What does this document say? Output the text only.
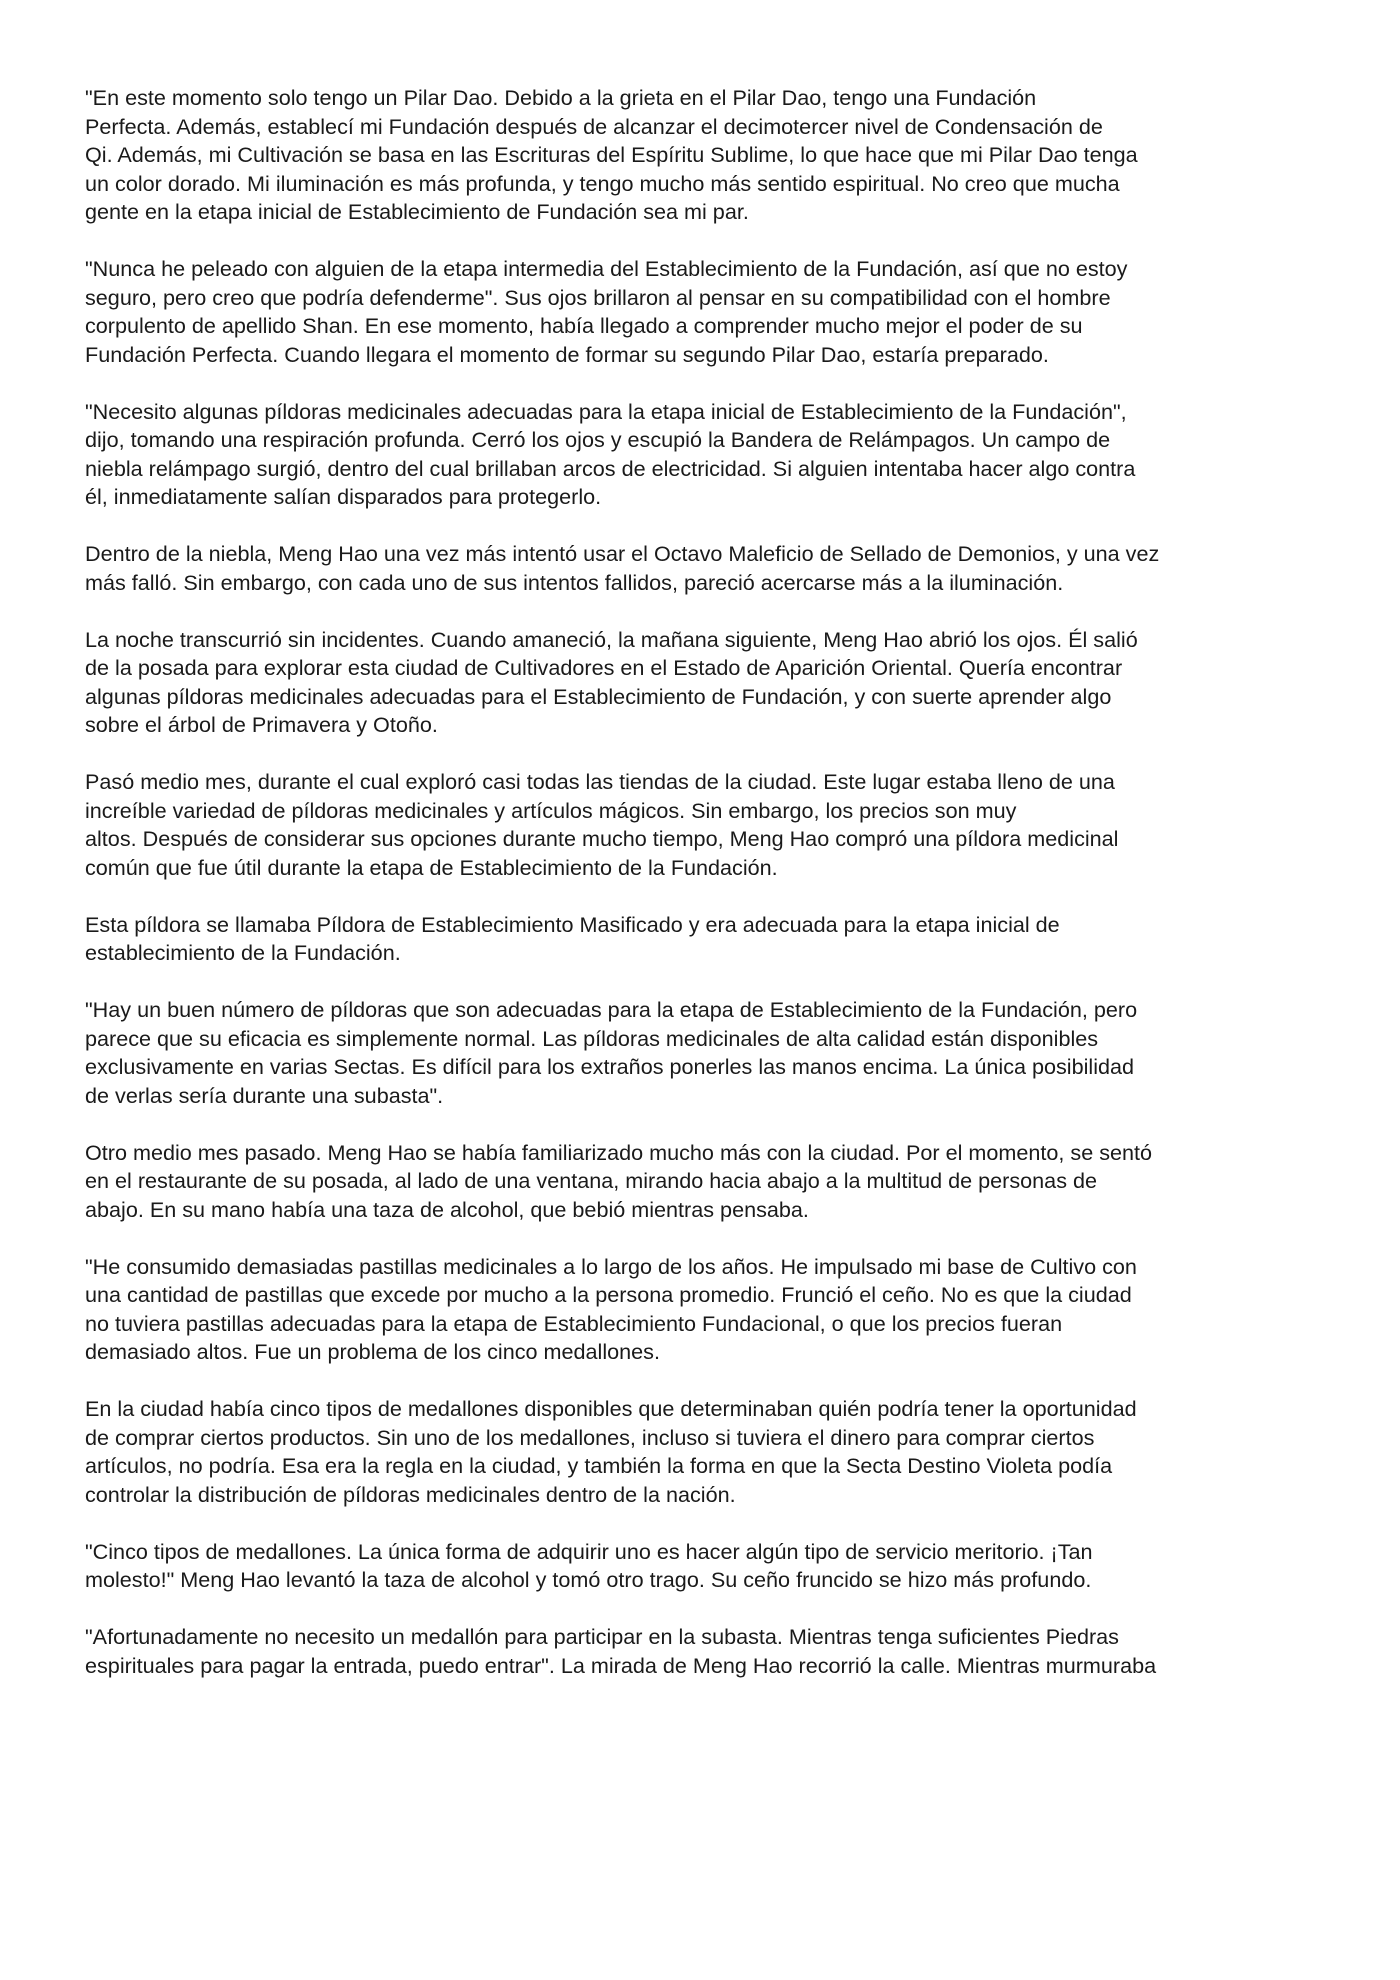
"En este momento solo tengo un Pilar Dao. Debido a la grieta en el Pilar Dao, tengo una Fundación
Perfecta. Además, establecí mi Fundación después de alcanzar el decimotercer nivel de Condensación de
Qi. Además, mi Cultivación se basa en las Escrituras del Espíritu Sublime, lo que hace que mi Pilar Dao tenga
un color dorado. Mi iluminación es más profunda, y tengo mucho más sentido espiritual. No creo que mucha
gente en la etapa inicial de Establecimiento de Fundación sea mi par.

"Nunca he peleado con alguien de la etapa intermedia del Establecimiento de la Fundación, así que no estoy
seguro, pero creo que podría defenderme". Sus ojos brillaron al pensar en su compatibilidad con el hombre
corpulento de apellido Shan. En ese momento, había llegado a comprender mucho mejor el poder de su
Fundación Perfecta. Cuando llegara el momento de formar su segundo Pilar Dao, estaría preparado.

"Necesito algunas píldoras medicinales adecuadas para la etapa inicial de Establecimiento de la Fundación",
dijo, tomando una respiración profunda. Cerró los ojos y escupió la Bandera de Relámpagos. Un campo de
niebla relámpago surgió, dentro del cual brillaban arcos de electricidad. Si alguien intentaba hacer algo contra
él, inmediatamente salían disparados para protegerlo.

Dentro de la niebla, Meng Hao una vez más intentó usar el Octavo Maleficio de Sellado de Demonios, y una vez
más falló. Sin embargo, con cada uno de sus intentos fallidos, pareció acercarse más a la iluminación.

La noche transcurrió sin incidentes. Cuando amaneció, la mañana siguiente, Meng Hao abrió los ojos. Él salió
de la posada para explorar esta ciudad de Cultivadores en el Estado de Aparición Oriental. Quería encontrar
algunas píldoras medicinales adecuadas para el Establecimiento de Fundación, y con suerte aprender algo
sobre el árbol de Primavera y Otoño.

Pasó medio mes, durante el cual exploró casi todas las tiendas de la ciudad. Este lugar estaba lleno de una
increíble variedad de píldoras medicinales y artículos mágicos. Sin embargo, los precios son muy
altos. Después de considerar sus opciones durante mucho tiempo, Meng Hao compró una píldora medicinal
común que fue útil durante la etapa de Establecimiento de la Fundación.

Esta píldora se llamaba Píldora de Establecimiento Masificado y era adecuada para la etapa inicial de
establecimiento de la Fundación.

"Hay un buen número de píldoras que son adecuadas para la etapa de Establecimiento de la Fundación, pero
parece que su eficacia es simplemente normal. Las píldoras medicinales de alta calidad están disponibles
exclusivamente en varias Sectas. Es difícil para los extraños ponerles las manos encima. La única posibilidad
de verlas sería durante una subasta".

Otro medio mes pasado. Meng Hao se había familiarizado mucho más con la ciudad. Por el momento, se sentó
en el restaurante de su posada, al lado de una ventana, mirando hacia abajo a la multitud de personas de
abajo. En su mano había una taza de alcohol, que bebió mientras pensaba.

"He consumido demasiadas pastillas medicinales a lo largo de los años. He impulsado mi base de Cultivo con
una cantidad de pastillas que excede por mucho a la persona promedio. Frunció el ceño. No es que la ciudad
no tuviera pastillas adecuadas para la etapa de Establecimiento Fundacional, o que los precios fueran
demasiado altos. Fue un problema de los cinco medallones.

En la ciudad había cinco tipos de medallones disponibles que determinaban quién podría tener la oportunidad
de comprar ciertos productos. Sin uno de los medallones, incluso si tuviera el dinero para comprar ciertos
artículos, no podría. Esa era la regla en la ciudad, y también la forma en que la Secta Destino Violeta podía
controlar la distribución de píldoras medicinales dentro de la nación.

"Cinco tipos de medallones. La única forma de adquirir uno es hacer algún tipo de servicio meritorio. ¡Tan
molesto!" Meng Hao levantó la taza de alcohol y tomó otro trago. Su ceño fruncido se hizo más profundo.

"Afortunadamente no necesito un medallón para participar en la subasta. Mientras tenga suficientes Piedras
espirituales para pagar la entrada, puedo entrar". La mirada de Meng Hao recorrió la calle. Mientras murmuraba
